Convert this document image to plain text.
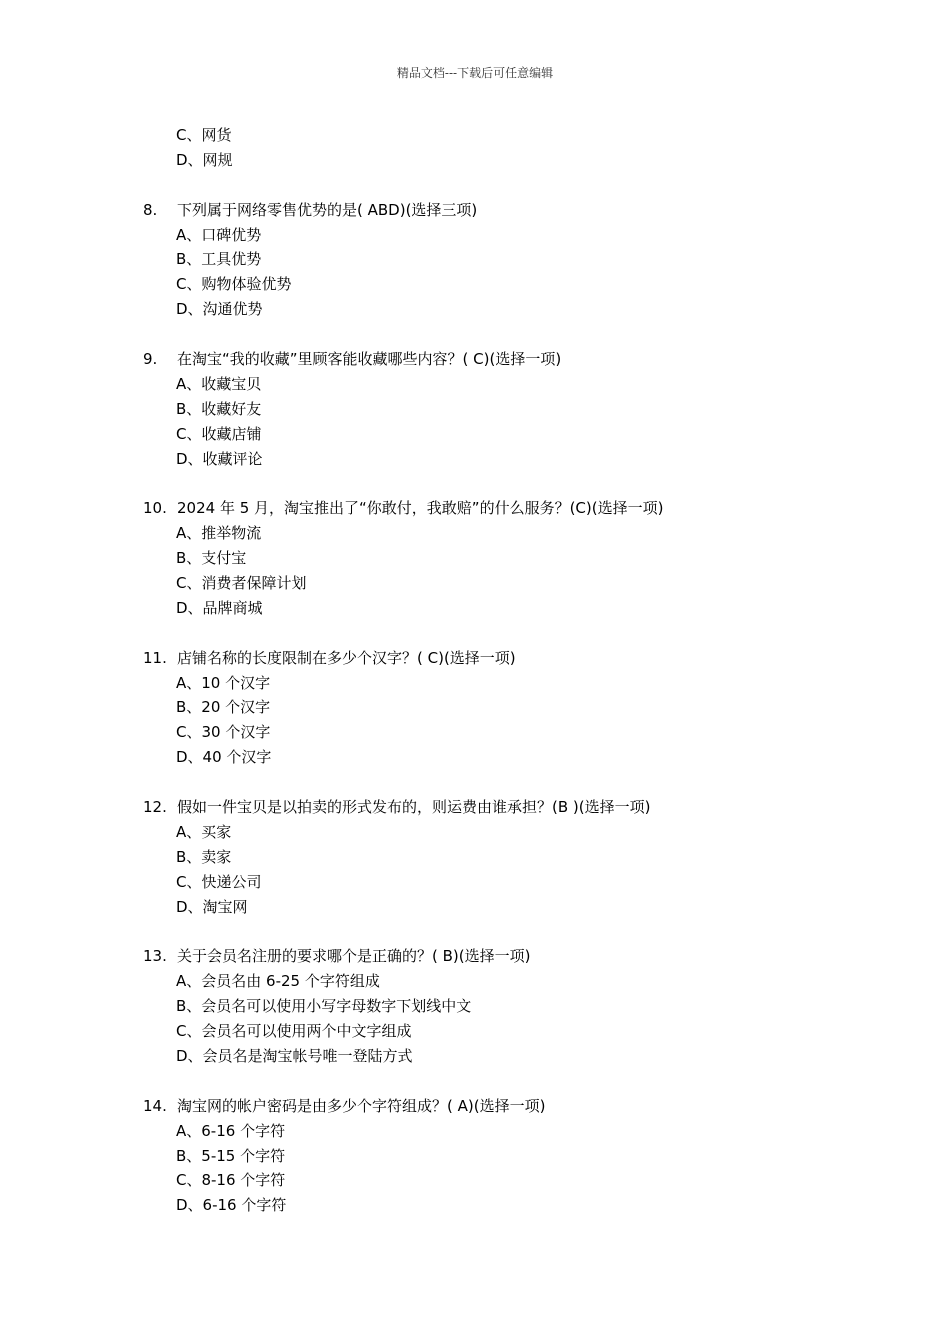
精品文档---下载后可任意编辑
C、网货
D、网规
8. 下列属于网络零售优势的是( ABD)(选择三项)
A、口碑优势
B、工具优势
C、购物体验优势
D、沟通优势
9. 在淘宝“我的收藏”里顾客能收藏哪些内容？( C)(选择一项)
A、收藏宝贝
B、收藏好友
C、收藏店铺
D、收藏评论
10. 2024 年 5 月，淘宝推出了“你敢付，我敢赔”的什么服务？(C)(选择一项)
A、推举物流
B、支付宝
C、消费者保障计划
D、品牌商城
11. 店铺名称的长度限制在多少个汉字？( C)(选择一项)
A、10 个汉字
B、20 个汉字
C、30 个汉字
D、40 个汉字
12. 假如一件宝贝是以拍卖的形式发布的，则运费由谁承担？(B )(选择一项)
A、买家
B、卖家
C、快递公司
D、淘宝网
13. 关于会员名注册的要求哪个是正确的？( B)(选择一项)
A、会员名由 6-25 个字符组成
B、会员名可以使用小写字母数字下划线中文
C、会员名可以使用两个中文字组成
D、会员名是淘宝帐号唯一登陆方式
14. 淘宝网的帐户密码是由多少个字符组成？( A)(选择一项)
A、6-16 个字符
B、5-15 个字符
C、8-16 个字符
D、6-16 个字符
